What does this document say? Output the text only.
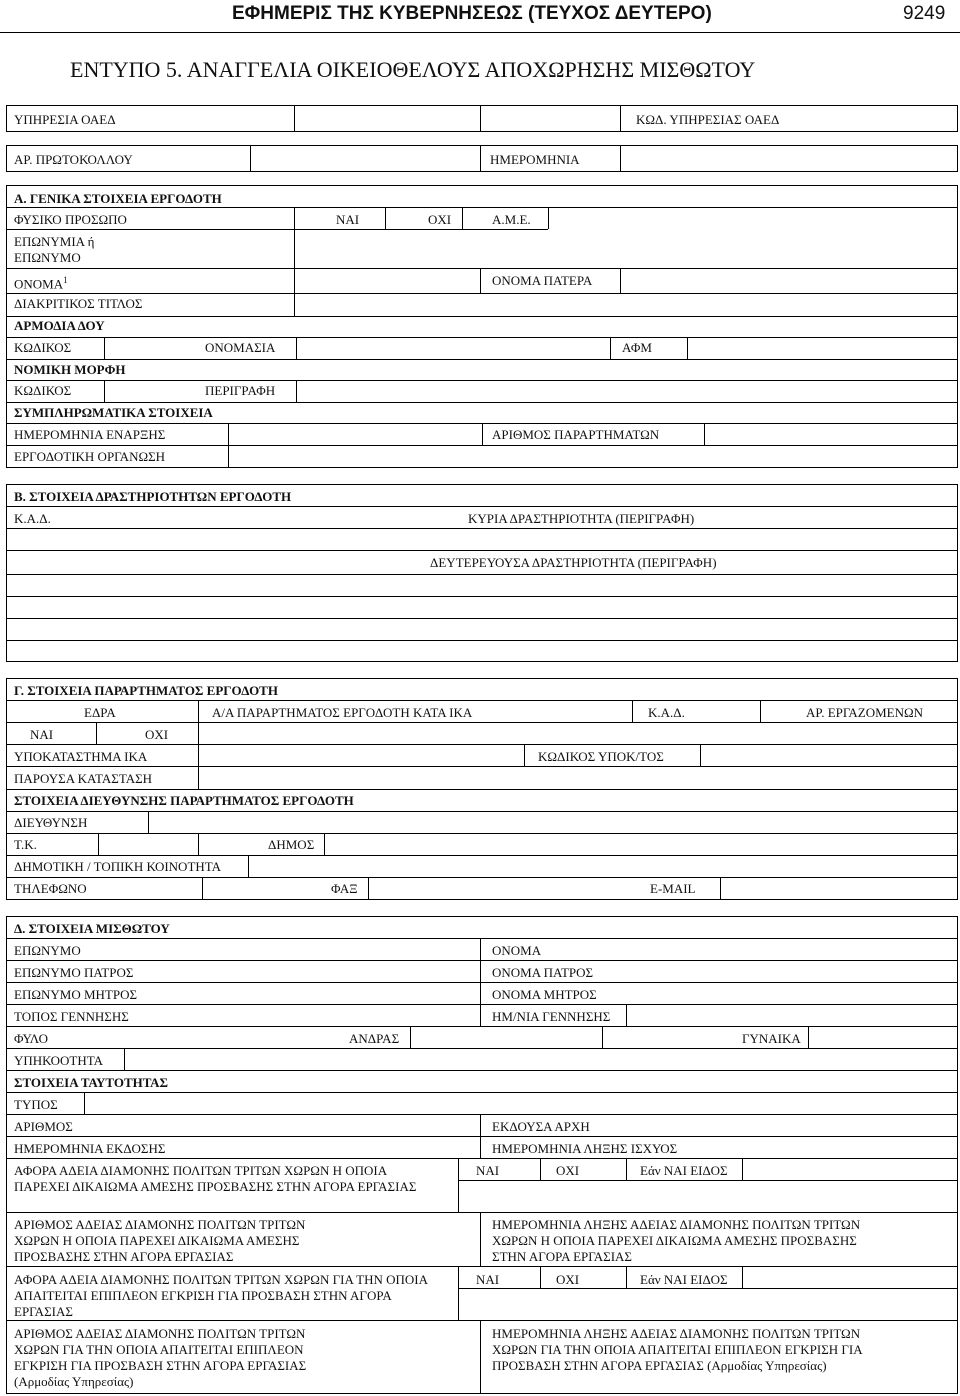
ΕΦΗΜΕΡΙΣ ΤΗΣ ΚΥΒΕΡΝΗΣΕΩΣ (ΤΕΥΧΟΣ ΔΕΥΤΕΡΟ)	9249
ΕΝΤΥΠΟ 5. ΑΝΑΓΓΕΛΙΑ ΟΙΚΕΙΟΘΕΛΟΥΣ ΑΠΟΧΩΡΗΣΗΣ ΜΙΣΘΩΤΟΥ
ΥΠΗΡΕΣΙΑ ΟΑΕΔ	ΚΩΔ. ΥΠΗΡΕΣΙΑΣ ΟΑΕΔ
ΑΡ. ΠΡΩΤΟΚΟΛΛΟΥ	ΗΜΕΡΟΜΗΝΙΑ
Α. ΓΕΝΙΚΑ ΣΤΟΙΧΕΙΑ ΕΡΓΟΔΟΤΗ
ΦΥΣΙΚΟ ΠΡΟΣΩΠΟ	ΝΑΙ	ΟΧΙ	Α.Μ.Ε.
ΕΠΩΝΥΜΙΑ ή
ΕΠΩΝΥΜΟ
ΟΝΟΜΑ$^1$	ΟΝΟΜΑ ΠΑΤΕΡΑ
ΔΙΑΚΡΙΤΙΚΟΣ ΤΙΤΛΟΣ
ΑΡΜΟΔΙΑ ΔΟΥ
ΚΩΔΙΚΟΣ	ΟΝΟΜΑΣΙΑ	ΑΦΜ
ΝΟΜΙΚΗ ΜΟΡΦΗ
ΚΩΔΙΚΟΣ	ΠΕΡΙΓΡΑΦΗ
ΣΥΜΠΛΗΡΩΜΑΤΙΚΑ ΣΤΟΙΧΕΙΑ
ΗΜΕΡΟΜΗΝΙΑ ΕΝΑΡΞΗΣ	ΑΡΙΘΜΟΣ ΠΑΡΑΡΤΗΜΑΤΩΝ
ΕΡΓΟΔΟΤΙΚΗ ΟΡΓΑΝΩΣΗ
Β. ΣΤΟΙΧΕΙΑ ΔΡΑΣΤΗΡΙΟΤΗΤΩΝ ΕΡΓΟΔΟΤΗ
Κ.Α.Δ.	ΚΥΡΙΑ ΔΡΑΣΤΗΡΙΟΤΗΤΑ (ΠΕΡΙΓΡΑΦΗ)
ΔΕΥΤΕΡΕΥΟΥΣΑ ΔΡΑΣΤΗΡΙΟΤΗΤΑ (ΠΕΡΙΓΡΑΦΗ)
Γ. ΣΤΟΙΧΕΙΑ ΠΑΡΑΡΤΗΜΑΤΟΣ ΕΡΓΟΔΟΤΗ
ΕΔΡΑ	Α/Α ΠΑΡΑΡΤΗΜΑΤΟΣ ΕΡΓΟΔΟΤΗ ΚΑΤΑ ΙΚΑ	Κ.Α.Δ.	ΑΡ. ΕΡΓΑΖΟΜΕΝΩΝ
ΝΑΙ	ΟΧΙ
ΥΠΟΚΑΤΑΣΤΗΜΑ ΙΚΑ	ΚΩΔΙΚΟΣ ΥΠΟΚ/ΤΟΣ
ΠΑΡΟΥΣΑ ΚΑΤΑΣΤΑΣΗ
ΣΤΟΙΧΕΙΑ ΔΙΕΥΘΥΝΣΗΣ ΠΑΡΑΡΤΗΜΑΤΟΣ ΕΡΓΟΔΟΤΗ
ΔΙΕΥΘΥΝΣΗ
Τ.Κ.	ΔΗΜΟΣ
ΔΗΜΟΤΙΚΗ / ΤΟΠΙΚΗ ΚΟΙΝΟΤΗΤΑ
ΤΗΛΕΦΩΝΟ	ΦΑΞ	E-MAIL
Δ. ΣΤΟΙΧΕΙΑ ΜΙΣΘΩΤΟΥ
ΕΠΩΝΥΜΟ	ΟΝΟΜΑ
ΕΠΩΝΥΜΟ ΠΑΤΡΟΣ	ΟΝΟΜΑ ΠΑΤΡΟΣ
ΕΠΩΝΥΜΟ ΜΗΤΡΟΣ	ΟΝΟΜΑ ΜΗΤΡΟΣ
ΤΟΠΟΣ ΓΕΝΝΗΣΗΣ	ΗΜ/ΝΙΑ ΓΕΝΝΗΣΗΣ
ΦΥΛΟ	ΑΝΔΡΑΣ	ΓΥΝΑΙΚΑ
ΥΠΗΚΟΟΤΗΤΑ
ΣΤΟΙΧΕΙΑ ΤΑΥΤΟΤΗΤΑΣ
ΤΥΠΟΣ
ΑΡΙΘΜΟΣ	ΕΚΔΟΥΣΑ ΑΡΧΗ
ΗΜΕΡΟΜΗΝΙΑ ΕΚΔΟΣΗΣ	ΗΜΕΡΟΜΗΝΙΑ ΛΗΞΗΣ ΙΣΧΥΟΣ
ΑΦΟΡΑ ΑΔΕΙΑ ΔΙΑΜΟΝΗΣ ΠΟΛΙΤΩΝ ΤΡΙΤΩΝ ΧΩΡΩΝ Η ΟΠΟΙΑ ΠΑΡΕΧΕΙ ΔΙΚΑΙΩΜΑ ΑΜΕΣΗΣ ΠΡΟΣΒΑΣΗΣ ΣΤΗΝ ΑΓΟΡΑ ΕΡΓΑΣΙΑΣ
ΝΑΙ	ΟΧΙ	Εάν ΝΑΙ ΕΙΔΟΣ
ΑΡΙΘΜΟΣ ΑΔΕΙΑΣ ΔΙΑΜΟΝΗΣ ΠΟΛΙΤΩΝ ΤΡΙΤΩΝ ΧΩΡΩΝ Η ΟΠΟΙΑ ΠΑΡΕΧΕΙ ΔΙΚΑΙΩΜΑ ΑΜΕΣΗΣ ΠΡΟΣΒΑΣΗΣ ΣΤΗΝ ΑΓΟΡΑ ΕΡΓΑΣΙΑΣ
ΗΜΕΡΟΜΗΝΙΑ ΛΗΞΗΣ ΑΔΕΙΑΣ ΔΙΑΜΟΝΗΣ ΠΟΛΙΤΩΝ ΤΡΙΤΩΝ ΧΩΡΩΝ Η ΟΠΟΙΑ ΠΑΡΕΧΕΙ ΔΙΚΑΙΩΜΑ ΑΜΕΣΗΣ ΠΡΟΣΒΑΣΗΣ ΣΤΗΝ ΑΓΟΡΑ ΕΡΓΑΣΙΑΣ
ΑΦΟΡΑ ΑΔΕΙΑ ΔΙΑΜΟΝΗΣ ΠΟΛΙΤΩΝ ΤΡΙΤΩΝ ΧΩΡΩΝ ΓΙΑ ΤΗΝ ΟΠΟΙΑ ΑΠΑΙΤΕΙΤΑΙ ΕΠΙΠΛΕΟΝ ΕΓΚΡΙΣΗ ΓΙΑ ΠΡΟΣΒΑΣΗ ΣΤΗΝ ΑΓΟΡΑ ΕΡΓΑΣΙΑΣ
ΝΑΙ	ΟΧΙ	Εάν ΝΑΙ ΕΙΔΟΣ
ΑΡΙΘΜΟΣ ΑΔΕΙΑΣ ΔΙΑΜΟΝΗΣ ΠΟΛΙΤΩΝ ΤΡΙΤΩΝ ΧΩΡΩΝ ΓΙΑ ΤΗΝ ΟΠΟΙΑ ΑΠΑΙΤΕΙΤΑΙ ΕΠΙΠΛΕΟΝ ΕΓΚΡΙΣΗ ΓΙΑ ΠΡΟΣΒΑΣΗ ΣΤΗΝ ΑΓΟΡΑ ΕΡΓΑΣΙΑΣ (Αρμοδίας Υπηρεσίας)
ΗΜΕΡΟΜΗΝΙΑ ΛΗΞΗΣ ΑΔΕΙΑΣ ΔΙΑΜΟΝΗΣ ΠΟΛΙΤΩΝ ΤΡΙΤΩΝ ΧΩΡΩΝ ΓΙΑ ΤΗΝ ΟΠΟΙΑ ΑΠΑΙΤΕΙΤΑΙ ΕΠΙΠΛΕΟΝ ΕΓΚΡΙΣΗ ΓΙΑ ΠΡΟΣΒΑΣΗ ΣΤΗΝ ΑΓΟΡΑ ΕΡΓΑΣΙΑΣ (Αρμοδίας Υπηρεσίας)
